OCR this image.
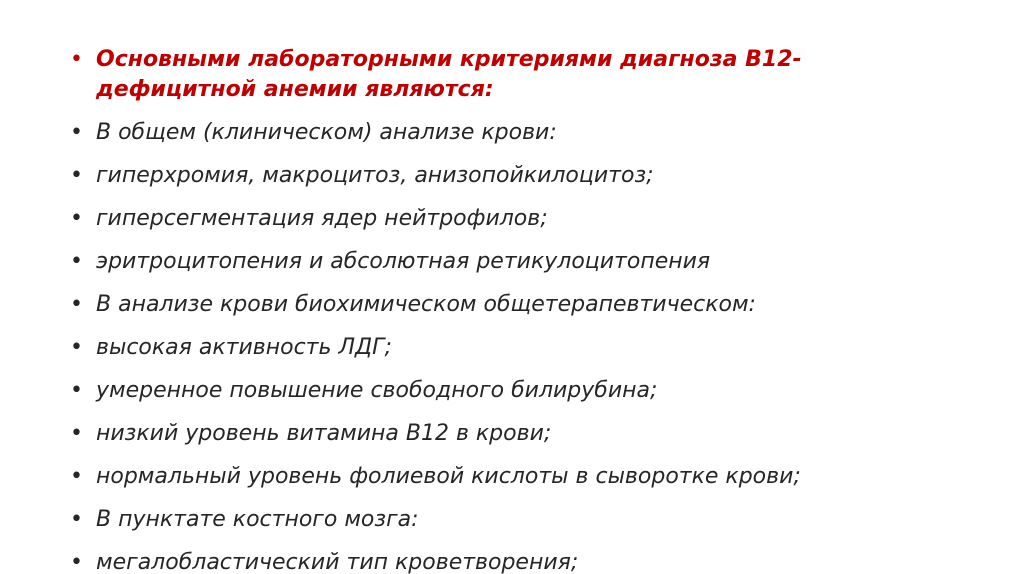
• Основными лабораторными критериями диагноза В12-дефицитной анемии являются:
• В общем (клиническом) анализе крови:
• гиперхромия, макроцитоз, анизопойкилоцитоз;
• гиперсегментация ядер нейтрофилов;
• эритроцитопения и абсолютная ретикулоцитопения
• В анализе крови биохимическом общетерапевтическом:
• высокая активность ЛДГ;
• умеренное повышение свободного билирубина;
• низкий уровень витамина B12 в крови;
• нормальный уровень фолиевой кислоты в сыворотке крови;
• В пунктате костного мозга:
• мегалобластический тип кроветворения;
